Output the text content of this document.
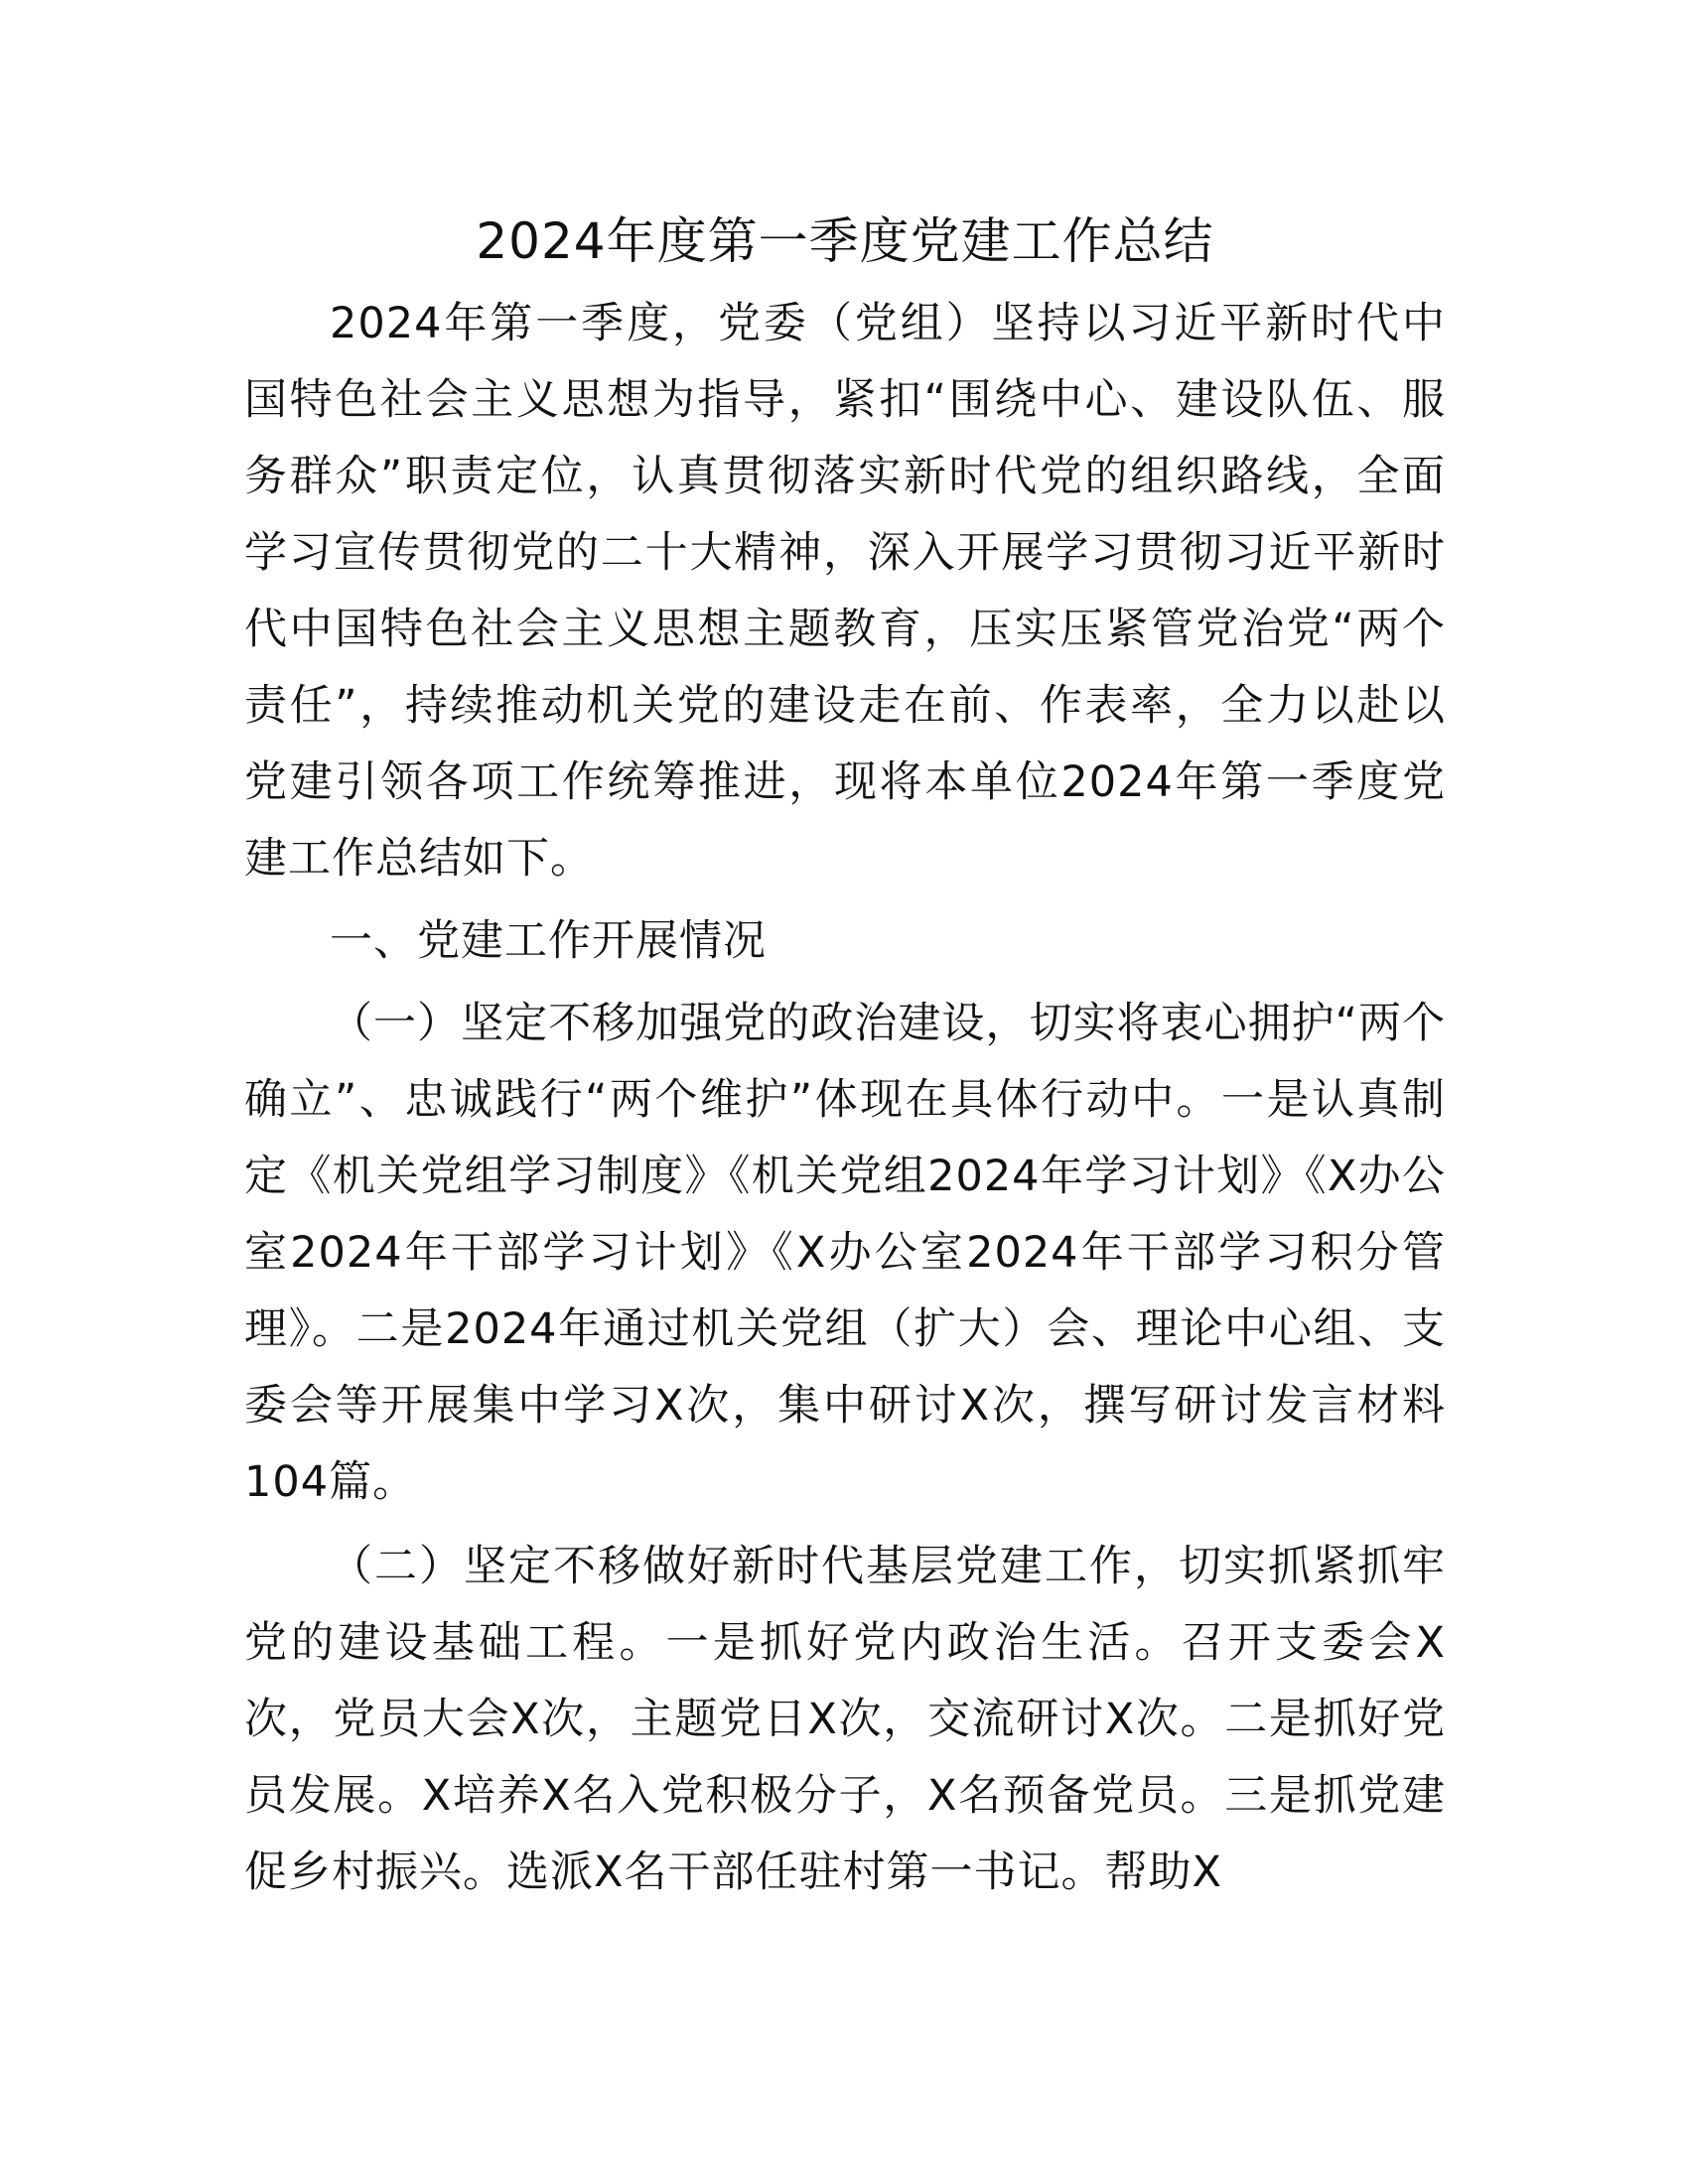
2024年度第一季度党建工作总结

2024年第一季度，党委（党组）坚持以习近平新时代中国特色社会主义思想为指导，紧扣“围绕中心、建设队伍、服务群众”职责定位，认真贯彻落实新时代党的组织路线，全面学习宣传贯彻党的二十大精神，深入开展学习贯彻习近平新时代中国特色社会主义思想主题教育，压实压紧管党治党“两个责任”，持续推动机关党的建设走在前、作表率，全力以赴以党建引领各项工作统筹推进，现将本单位2024年第一季度党建工作总结如下。

一、党建工作开展情况

（一）坚定不移加强党的政治建设，切实将衷心拥护“两个确立”、忠诚践行“两个维护”体现在具体行动中。一是认真制定《机关党组学习制度》《机关党组2024年学习计划》《X办公室2024年干部学习计划》《X办公室2024年干部学习积分管理》。二是2024年通过机关党组（扩大）会、理论中心组、支委会等开展集中学习X次，集中研讨X次，撰写研讨发言材料104篇。

（二）坚定不移做好新时代基层党建工作，切实抓紧抓牢党的建设基础工程。一是抓好党内政治生活。召开支委会X次，党员大会X次，主题党日X次，交流研讨X次。二是抓好党员发展。X培养X名入党积极分子，X名预备党员。三是抓党建促乡村振兴。选派X名干部任驻村第一书记。帮助X
